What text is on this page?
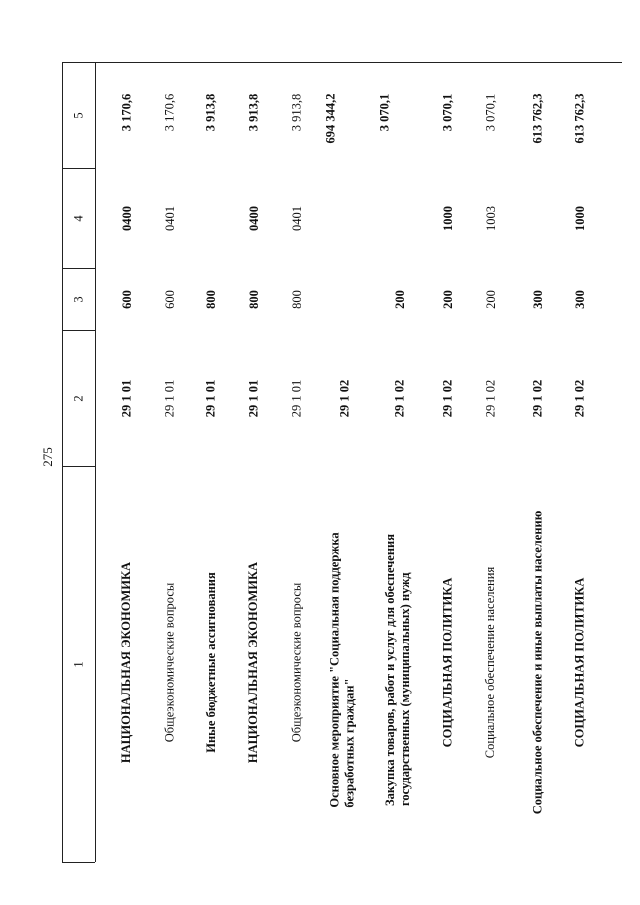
275
1
2
3
4
5
НАЦИОНАЛЬНАЯ ЭКОНОМИКА
29 1 01
600
0400
3 170,6
Общеэкономические вопросы
29 1 01
600
0401
3 170,6
Иные бюджетные ассигнования
29 1 01
800
3 913,8
НАЦИОНАЛЬНАЯ ЭКОНОМИКА
29 1 01
800
0400
3 913,8
Общеэкономические вопросы
29 1 01
800
0401
3 913,8
Основное мероприятие "Социальная поддержка безработных граждан"
29 1 02
694 344,2
Закупка товаров, работ и услуг для обеспечения государственных (муниципальных) нужд
29 1 02
200
3 070,1
СОЦИАЛЬНАЯ ПОЛИТИКА
29 1 02
200
1000
3 070,1
Социальное обеспечение населения
29 1 02
200
1003
3 070,1
Социальное обеспечение и иные выплаты населению
29 1 02
300
613 762,3
СОЦИАЛЬНАЯ ПОЛИТИКА
29 1 02
300
1000
613 762,3
